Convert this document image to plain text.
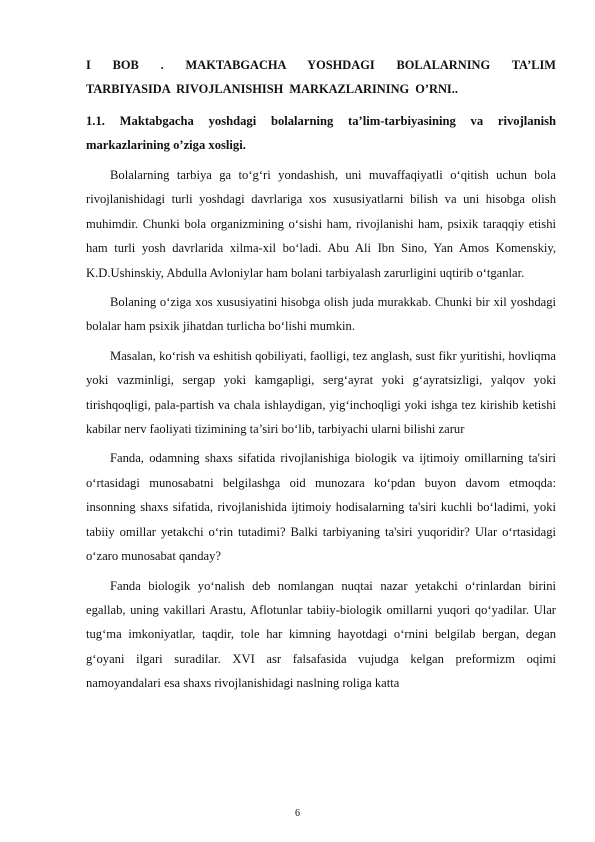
I BOB . MAKTABGACHA YOSHDAGI BOLALARNING TA’LIM
TARBIYASIDA RIVOJLANISHISH MARKAZLARINING O’RNI..
1.1. Maktabgacha yoshdagi bolalarning ta’lim-tarbiyasining va rivojlanish markazlarining o’ziga xosligi.

Bolalarning tarbiya ga to‘g‘ri yondashish, uni muvaffaqiyatli o‘qitish uchun bola rivojlanishidagi turli yoshdagi davrlariga xos xususiyatlarni bilish va uni hisobga olish muhimdir. Chunki bola organizmining o‘sishi ham, rivojlanishi ham, psixik taraqqiy etishi ham turli yosh davrlarida xilma-xil bo‘ladi. Abu Ali Ibn Sino, Yan Amos Komenskiy, K.D.Ushinskiy, Abdulla Avloniylar ham bolani tarbiyalash zarurligini uqtirib o‘tganlar.

Bolaning o‘ziga xos xususiyatini hisobga olish juda murakkab. Chunki bir xil yoshdagi bolalar ham psixik jihatdan turlicha bo‘lishi mumkin.

Masalan, ko‘rish va eshitish qobiliyati, faolligi, tez anglash, sust fikr yuritishi, hovliqma yoki vazminligi, sergap yoki kamgapligi, serg‘ayrat yoki g‘ayratsizligi, yalqov yoki tirishqoqligi, pala-partish va chala ishlaydigan, yig‘inchoqligi yoki ishga tez kirishib ketishi kabilar nerv faoliyati tizimining ta’siri bo‘lib, tarbiyachi ularni bilishi zarur

Fanda, odamning shaxs sifatida rivojlanishiga biologik va ijtimoiy omillarning ta'siri o‘rtasidagi munosabatni belgilashga oid munozara ko‘pdan buyon davom etmoqda: insonning shaxs sifatida, rivojlanishida ijtimoiy hodisalarning ta'siri kuchli bo‘ladimi, yoki tabiiy omillar yetakchi o‘rin tutadimi? Balki tarbiyaning ta'siri yuqoridir? Ular o‘rtasidagi o‘zaro munosabat qanday?

Fanda biologik yo‘nalish deb nomlangan nuqtai nazar yetakchi o‘rinlardan birini egallab, uning vakillari Arastu, Aflotunlar tabiiy-biologik omillarni yuqori qo‘yadilar. Ular tug‘ma imkoniyatlar, taqdir, tole har kimning hayotdagi o‘rnini belgilab bergan, degan g‘oyani ilgari suradilar. XVI asr falsafasida vujudga kelgan preformizm oqimi namoyandalari esa shaxs rivojlanishidagi naslning roliga katta

6
